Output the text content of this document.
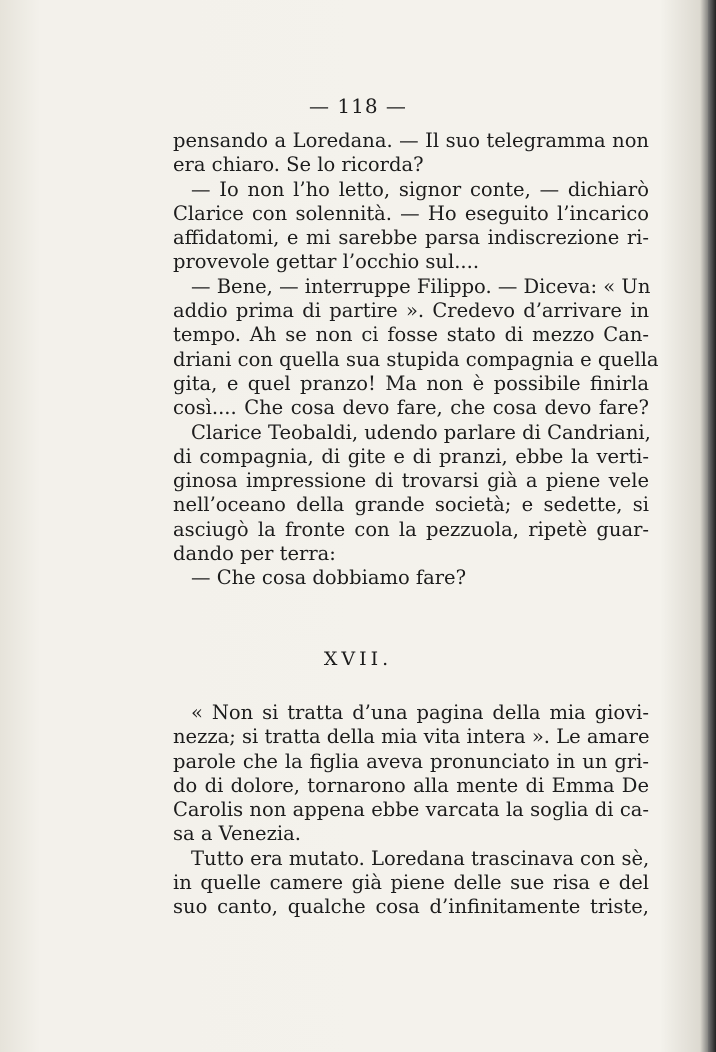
— 118 —
pensando a Loredana. — Il suo telegramma non
era chiaro. Se lo ricorda?
— Io non l’ho letto, signor conte, — dichiarò
Clarice con solennità. — Ho eseguito l’incarico
affidatomi, e mi sarebbe parsa indiscrezione ri-
provevole gettar l’occhio sul....
— Bene, — interruppe Filippo. — Diceva: « Un
addio prima di partire ». Credevo d’arrivare in
tempo. Ah se non ci fosse stato di mezzo Can-
driani con quella sua stupida compagnia e quella
gita, e quel pranzo! Ma non è possibile finirla
così.... Che cosa devo fare, che cosa devo fare?
Clarice Teobaldi, udendo parlare di Candriani,
di compagnia, di gite e di pranzi, ebbe la verti-
ginosa impressione di trovarsi già a piene vele
nell’oceano della grande società; e sedette, si
asciugò la fronte con la pezzuola, ripetè guar-
dando per terra:
— Che cosa dobbiamo fare?
XVII.
« Non si tratta d’una pagina della mia giovi-
nezza; si tratta della mia vita intera ». Le amare
parole che la figlia aveva pronunciato in un gri-
do di dolore, tornarono alla mente di Emma De
Carolis non appena ebbe varcata la soglia di ca-
sa a Venezia.
Tutto era mutato. Loredana trascinava con sè,
in quelle camere già piene delle sue risa e del
suo canto, qualche cosa d’infinitamente triste,
